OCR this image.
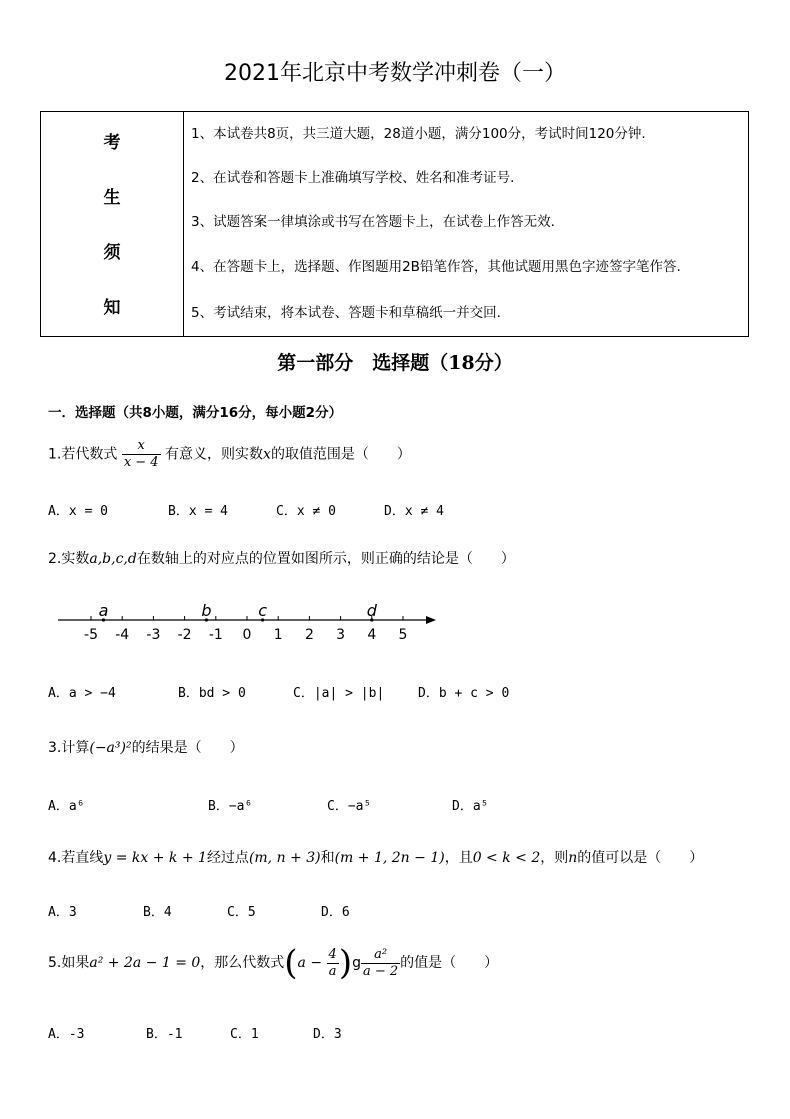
2021年北京中考数学冲刺卷（一）
考
生
须
知
1、本试卷共8页，共三道大题，28道小题，满分100分，考试时间120分钟.
2、在试卷和答题卡上准确填写学校、姓名和准考证号.
3、试题答案一律填涂或书写在答题卡上，在试卷上作答无效.
4、在答题卡上，选择题、作图题用2B铅笔作答，其他试题用黑色字迹签字笔作答.
5、考试结束，将本试卷、答题卡和草稿纸一并交回.
第一部分　选择题（18分）
一．选择题（共8小题，满分16分，每小题2分）
1.若代数式 $\frac{x}{x - 4}$ 有意义，则实数x的取值范围是（　　）
A．x = 0	B．x = 4	C．x ≠ 0	D．x ≠ 4
2.实数a,b,c,d在数轴上的对应点的位置如图所示，则正确的结论是（　　）
-5 -4 -3 -2 -1 0 1 2 3 4 5
a	b	c	d
A．a > −4	B．bd > 0	C．|a| > |b|	D．b + c > 0
3.计算(−a³)²的结果是（　　）
A．a⁶	B．−a⁶	C．−a⁵	D．a⁵
4.若直线y = kx + k + 1经过点(m, n + 3)和(m + 1, 2n − 1)，且0 < k < 2，则n的值可以是（　　）
A．3	B．4	C．5	D．6
5.如果a² + 2a − 1 = 0，那么代数式$(a - \frac{4}{a} )g \frac{\text{a²}}{a - 2}$ 的值是（　　）
A．-3	B．-1	C．1	D．3
